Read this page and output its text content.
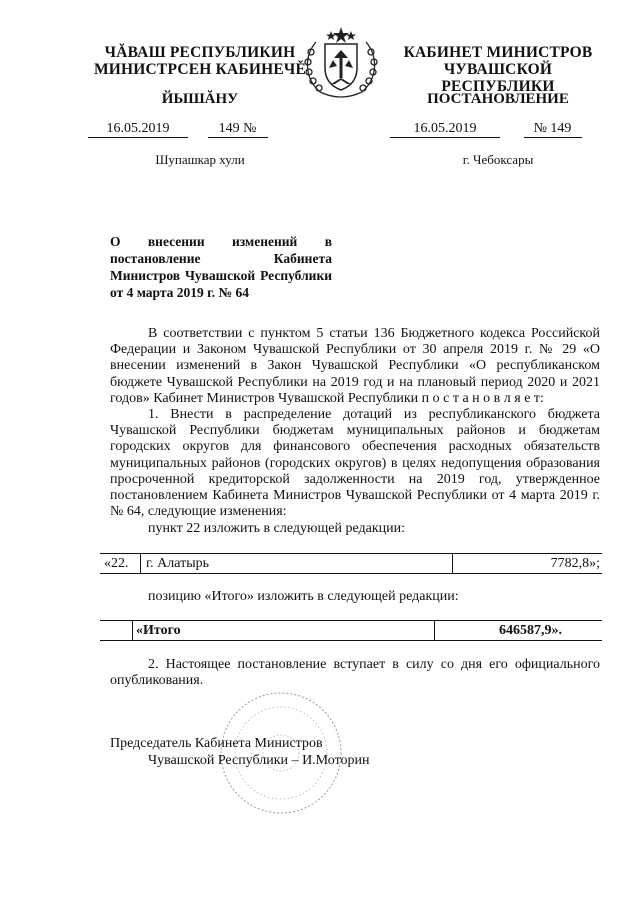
ЧĂВАШ РЕСПУБЛИКИН
МИНИСТРСЕН КАБИНЕЧĚ
ЙЫШĂНУ
16.05.2019	149 №
Шупашкар хули
КАБИНЕТ МИНИСТРОВ
ЧУВАШСКОЙ РЕСПУБЛИКИ
ПОСТАНОВЛЕНИЕ
16.05.2019	№ 149
г. Чебоксары
О внесении изменений в постановление Кабинета Министров Чувашской Республики от 4 марта 2019 г. № 64

В соответствии с пунктом 5 статьи 136 Бюджетного кодекса Российской Федерации и Законом Чувашской Республики от 30 апреля 2019 г. № 29 «О внесении изменений в Закон Чувашской Республики «О республиканском бюджете Чувашской Республики на 2019 год и на плановый период 2020 и 2021 годов» Кабинет Министров Чувашской Республики п о с т а н о в л я е т:

1. Внести в распределение дотаций из республиканского бюджета Чувашской Республики бюджетам муниципальных районов и бюджетам городских округов для финансового обеспечения расходных обязательств муниципальных районов (городских округов) в целях недопущения образования просроченной кредиторской задолженности на 2019 год, утвержденное постановлением Кабинета Министров Чувашской Республики от 4 марта 2019 г. № 64, следующие изменения:

пункт 22 изложить в следующей редакции:

«22. г. Алатырь	7782,8»;

позицию «Итого» изложить в следующей редакции:

«Итого	646587,9».

2. Настоящее постановление вступает в силу со дня его официального опубликования.

Председатель Кабинета Министров
Чувашской Республики – И.Моторин
